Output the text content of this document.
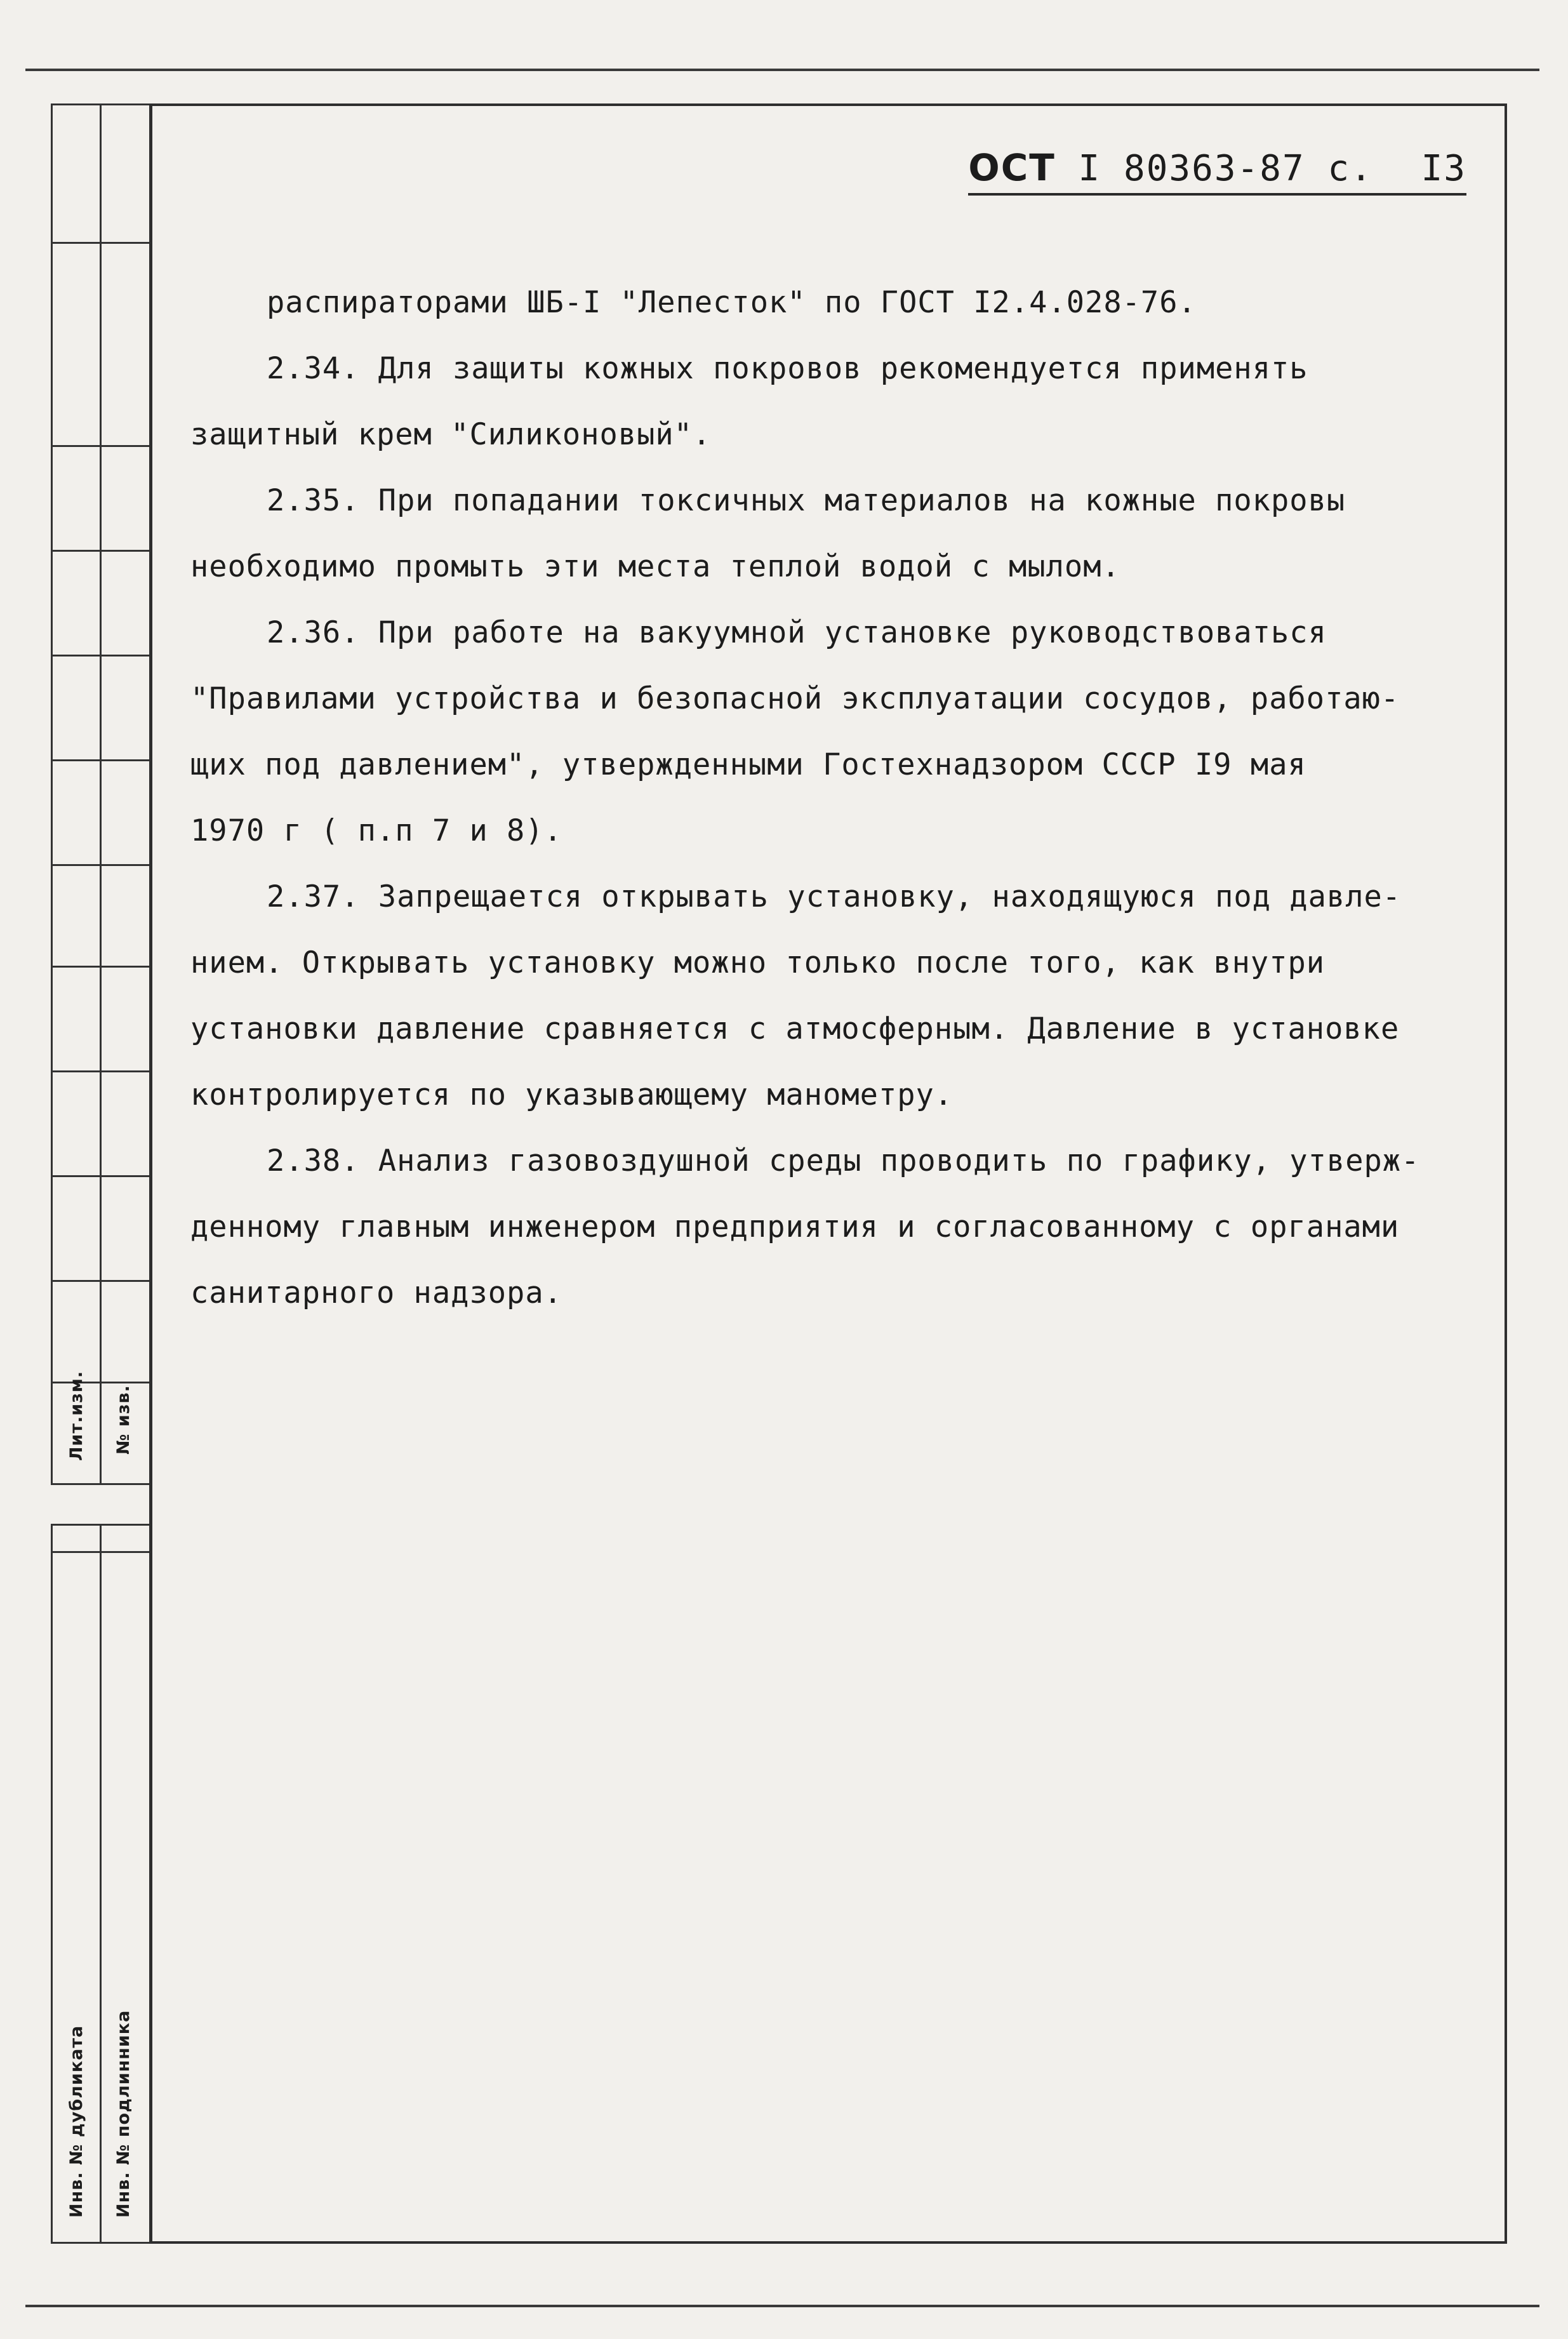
Лит.изм. № изв.
Инв. № дубликата Инв. № подлинника
ОСТ I 80363-87 с. I3
распираторами ШБ-I "Лепесток" по ГОСТ I2.4.028-76.
2.34. Для защиты кожных покровов рекомендуется применять
защитный крем "Силиконовый".
2.35. При попадании токсичных материалов на кожные покровы
необходимо промыть эти места теплой водой с мылом.
2.36. При работе на вакуумной установке руководствоваться
"Правилами устройства и безопасной эксплуатации сосудов, работаю-
щих под давлением", утвержденными Гостехнадзором СССР I9 мая
1970 г ( п.п 7 и 8).
2.37. Запрещается открывать установку, находящуюся под давле-
нием. Открывать установку можно только после того, как внутри
установки давление сравняется с атмосферным. Давление в установке
контролируется по указывающему манометру.
2.38. Анализ газовоздушной среды проводить по графику, утверж-
денному главным инженером предприятия и согласованному с органами
санитарного надзора.
